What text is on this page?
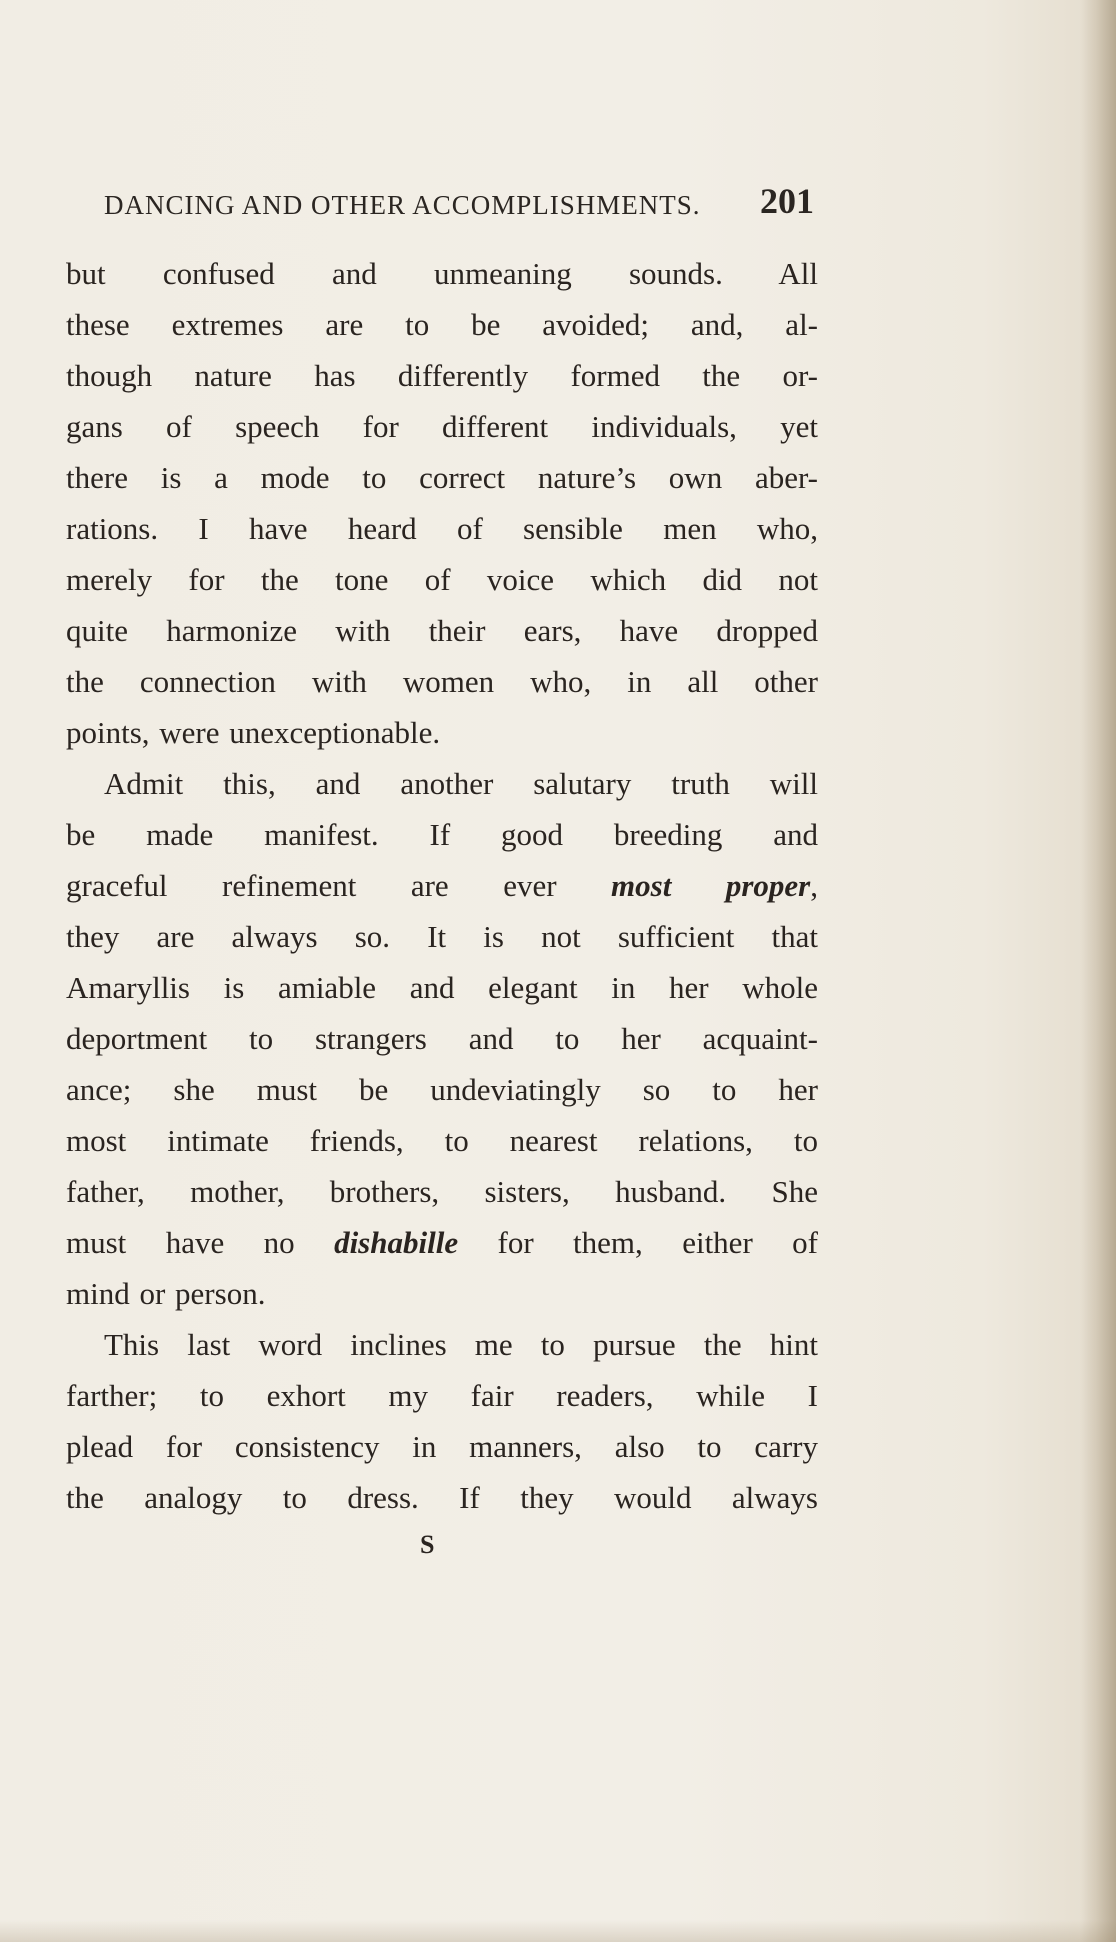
DANCING AND OTHER ACCOMPLISHMENTS. 201
but confused and unmeaning sounds. All
these extremes are to be avoided; and, al-
though nature has differently formed the or-
gans of speech for different individuals, yet
there is a mode to correct nature’s own aber-
rations. I have heard of sensible men who,
merely for the tone of voice which did not
quite harmonize with their ears, have dropped
the connection with women who, in all other
points, were unexceptionable.
Admit this, and another salutary truth will
be made manifest. If good breeding and
graceful refinement are ever most proper,
they are always so. It is not sufficient that
Amaryllis is amiable and elegant in her whole
deportment to strangers and to her acquaint-
ance; she must be undeviatingly so to her
most intimate friends, to nearest relations, to
father, mother, brothers, sisters, husband. She
must have no dishabille for them, either of
mind or person.
This last word inclines me to pursue the hint
farther; to exhort my fair readers, while I
plead for consistency in manners, also to carry
the analogy to dress. If they would always
S
